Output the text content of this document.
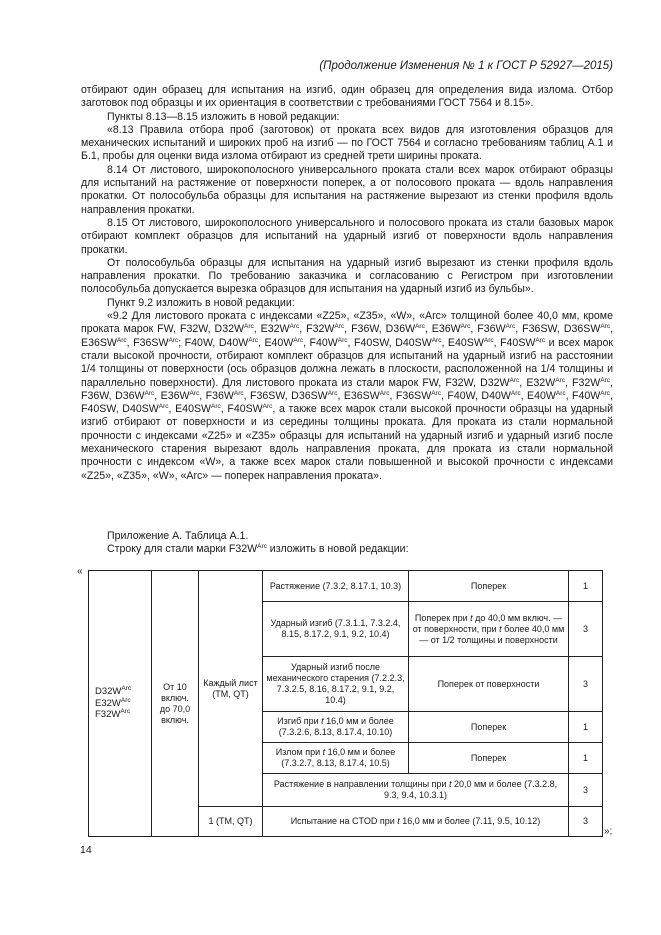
(Продолжение Изменения № 1 к ГОСТ Р 52927—2015)

отбирают один образец для испытания на изгиб, один образец для определения вида излома. Отбор заготовок под образцы и их ориентация в соответствии с требованиями ГОСТ 7564 и 8.15».

Пункты 8.13—8.15 изложить в новой редакции:

«8.13 Правила отбора проб (заготовок) от проката всех видов для изготовления образцов для механических испытаний и широких проб на изгиб — по ГОСТ 7564 и согласно требованиям таблиц А.1 и Б.1, пробы для оценки вида излома отбирают из средней трети ширины проката.

8.14 От листового, широкополосного универсального проката стали всех марок отбирают образцы для испытаний на растяжение от поверхности поперек, а от полосового проката — вдоль направления прокатки. От полособульба образцы для испытания на растяжение вырезают из стенки профиля вдоль направления прокатки.

8.15 От листового, широкополосного универсального и полосового проката из стали базовых марок отбирают комплект образцов для испытаний на ударный изгиб от поверхности вдоль направления прокатки.

От полособульба образцы для испытания на ударный изгиб вырезают из стенки профиля вдоль направления прокатки. По требованию заказчика и согласованию с Регистром при изготовлении полособульба допускается вырезка образцов для испытания на ударный изгиб из бульбы».

Пункт 9.2 изложить в новой редакции:

«9.2 Для листового проката с индексами «Z25», «Z35», «W», «Arc» толщиной более 40,0 мм, кроме проката марок FW, F32W, $D32W^{Arc}$, $E32W^{Arc}$, $F32W^{Arc}$, F36W, $D36W^{Arc}$, $E36W^{Arc}$, $F36W^{Arc}$, F36SW, $D36SW^{Arc}$, $E36SW^{Arc}$, $F36SW^{Arc}$; F40W, $D40W^{Arc}$, $E40W^{Arc}$, $F40W^{Arc}$, F40SW, $D40SW^{Arc}$, $E40SW^{Arc}$, $F40SW^{Arc}$ и всех марок стали высокой прочности, отбирают комплект образцов для испытаний на ударный изгиб на расстоянии 1/4 толщины от поверхности (ось образцов должна лежать в плоскости, расположенной на 1/4 толщины и параллельно поверхности). Для листового проката из стали марок FW, F32W, $D32W^{Arc}$, $E32W^{Arc}$, $F32W^{Arc}$, F36W, $D36W^{Arc}$, $E36W^{Arc}$, $F36W^{Arc}$, F36SW, $D36SW^{Arc}$, $E36SW^{Arc}$, $F36SW^{Arc}$, F40W, $D40W^{Arc}$, $E40W^{Arc}$, $F40W^{Arc}$, F40SW, $D40SW^{Arc}$, $E40SW^{Arc}$, $F40SW^{Arc}$, а также всех марок стали высокой прочности образцы на ударный изгиб отбирают от поверхности и из середины толщины проката. Для проката из стали нормальной прочности с индексами «Z25» и «Z35» образцы для испытаний на ударный изгиб и ударный изгиб после механического старения вырезают вдоль направления проката, для проката из стали нормальной прочности с индексом «W», а также всех марок стали повышенной и высокой прочности с индексами «Z25», «Z35», «W», «Arc» — поперек направления проката».

Приложение А. Таблица А.1.

Строку для стали марки $F32W^{Arc}$ изложить в новой редакции:

«
$D32W^{Arc}$
$E32W^{Arc}$
$F32W^{Arc}$	От 10 включ. до 70,0 включ.	Каждый лист (ТМ, QT)	Растяжение (7.3.2, 8.17.1, 10.3)	Поперек	1
			Ударный изгиб (7.3.1.1, 7.3.2.4, 8.15, 8.17.2, 9.1, 9.2, 10.4)	Поперек при t до 40,0 мм включ. — от поверхности, при t более 40,0 мм — от 1/2 толщины и поверхности	3
			Ударный изгиб после механического старения (7.2.2.3, 7.3.2.5, 8.16, 8.17.2, 9.1, 9.2, 10.4)	Поперек от поверхности	3
			Изгиб при t 16,0 мм и более (7.3.2.6, 8.13, 8.17.4, 10.10)	Поперек	1
			Излом при t 16,0 мм и более (7.3.2.7, 8.13, 8.17.4, 10.5)	Поперек	1
			Растяжение в направлении толщины при t 20,0 мм и более (7.3.2.8, 9.3, 9.4, 10.3.1)		3
		1 (ТМ, QT)	Испытание на CTOD при t 16,0 мм и более (7.11, 9.5, 10.12)		3
»;
14
